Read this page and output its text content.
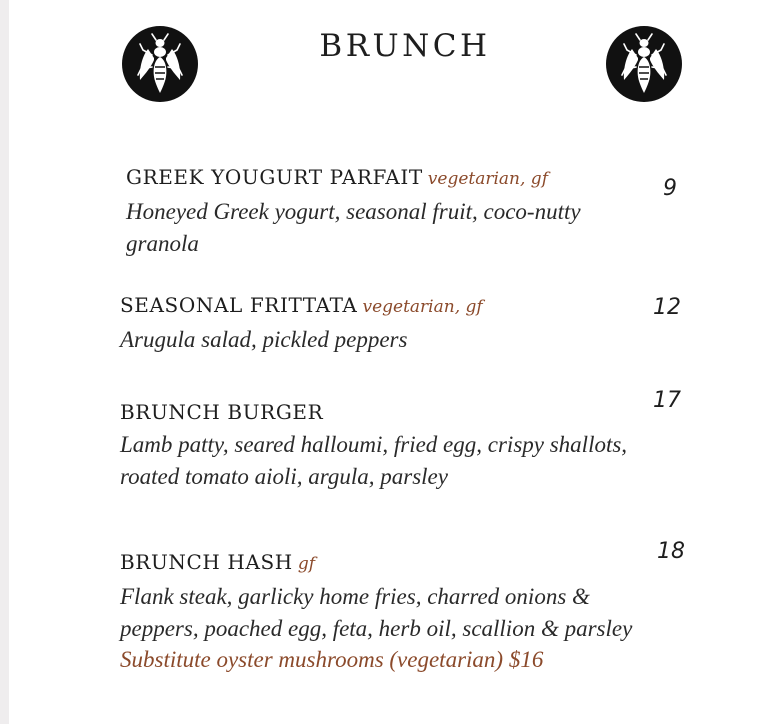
BRUNCH
GREEK YOUGURT PARFAIT vegetarian, gf
Honeyed Greek yogurt, seasonal fruit, coco-nutty granola
9
SEASONAL FRITTATA vegetarian, gf
Arugula salad, pickled peppers
12
BRUNCH BURGER
Lamb patty, seared halloumi, fried egg, crispy shallots, roated tomato aioli, argula, parsley
17
BRUNCH HASH gf
Flank steak, garlicky home fries, charred onions & peppers, poached egg, feta, herb oil, scallion & parsley
Substitute oyster mushrooms (vegetarian) $16
18
